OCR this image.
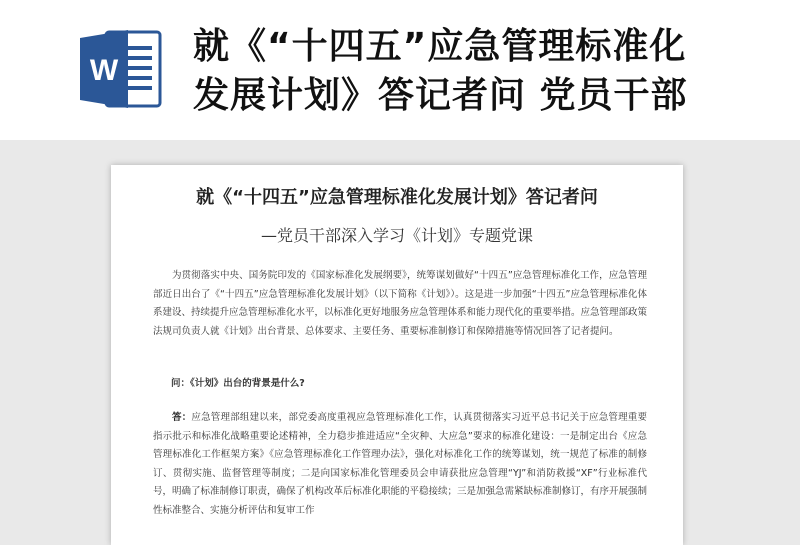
W
就《“十四五”应急管理标准化
发展计划》答记者问 党员干部
就《“十四五”应急管理标准化发展计划》答记者问
—党员干部深入学习《计划》专题党课

为贯彻落实中央、国务院印发的《国家标准化发展纲要》，统筹谋划做好“十四五”应急管理标准化工作，应急管理部近日出台了《“十四五”应急管理标准化发展计划》（以下简称《计划》）。这是进一步加强“十四五”应急管理标准化体系建设、持续提升应急管理标准化水平，以标准化更好地服务应急管理体系和能力现代化的重要举措。应急管理部政策法规司负责人就《计划》出台背景、总体要求、主要任务、重要标准制修订和保障措施等情况回答了记者提问。

问：《计划》出台的背景是什么?

答：应急管理部组建以来，部党委高度重视应急管理标准化工作，认真贯彻落实习近平总书记关于应急管理重要指示批示和标准化战略重要论述精神，全力稳步推进适应“全灾种、大应急”要求的标准化建设：一是制定出台《应急管理标准化工作框架方案》《应急管理标准化工作管理办法》，强化对标准化工作的统筹谋划，统一规范了标准的制修订、贯彻实施、监督管理等制度；二是向国家标准化管理委员会申请获批应急管理“YJ”和消防救援“XF”行业标准代号，明确了标准制修订职责，确保了机构改革后标准化职能的平稳接续；三是加强急需紧缺标准制修订，有序开展强制性标准整合、实施分析评估和复审工作
